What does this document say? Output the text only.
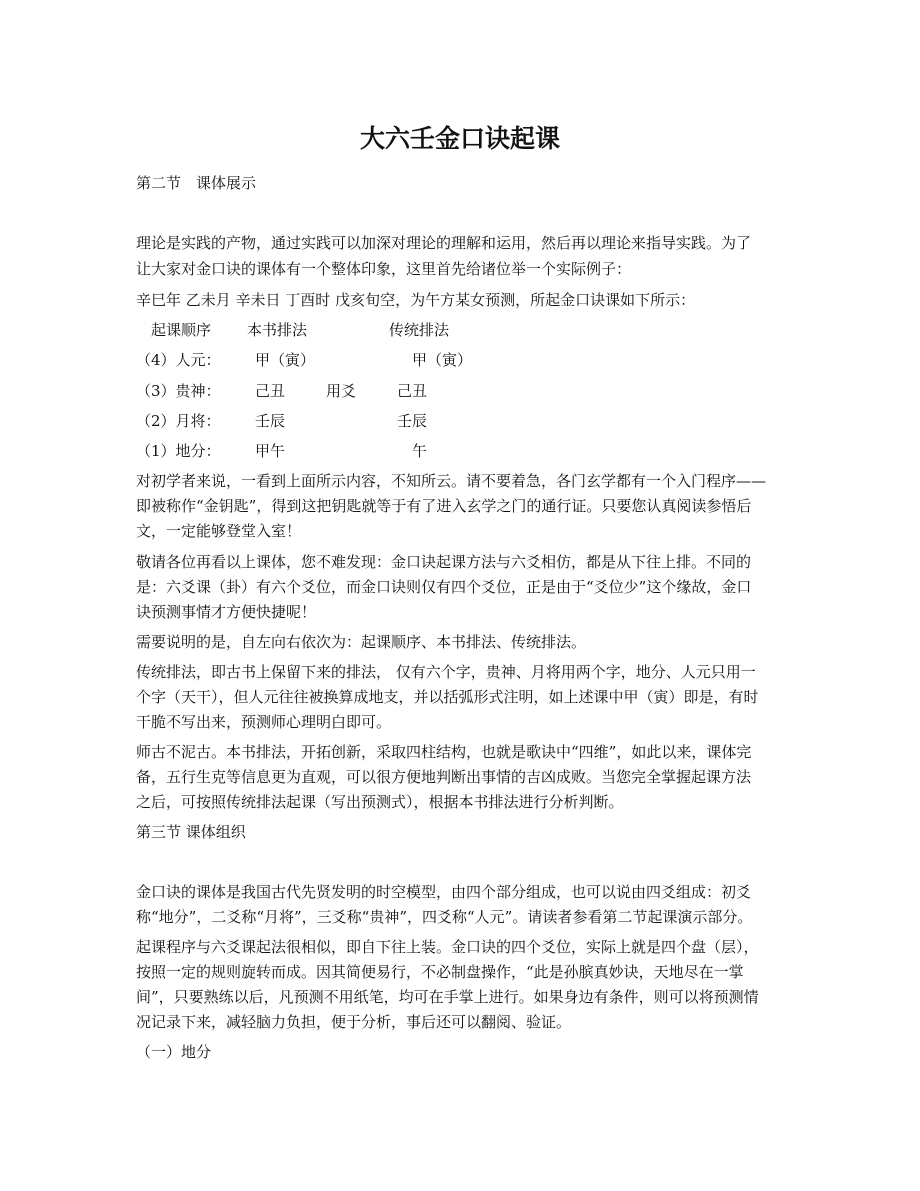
大六壬金口诀起课
第二节　课体展示
理论是实践的产物，通过实践可以加深对理论的理解和运用，然后再以理论来指导实践。为了
让大家对金口诀的课体有一个整体印象，这里首先给诸位举一个实际例子：
辛巳年 乙未月 辛未日 丁酉时 戊亥旬空，为午方某女预测，所起金口诀课如下所示：
起课顺序 本书排法	传统排法
（4）人元： 甲（寅）	甲（寅）
（3）贵神： 己丑	用爻	己丑
（2）月将： 壬辰	壬辰
（1）地分： 甲午	午
对初学者来说，一看到上面所示内容，不知所云。请不要着急，各门玄学都有一个入门程序——
即被称作“金钥匙”，得到这把钥匙就等于有了进入玄学之门的通行证。只要您认真阅读参悟后
文，一定能够登堂入室！
敬请各位再看以上课体，您不难发现：金口诀起课方法与六爻相仿，都是从下往上排。不同的
是：六爻课（卦）有六个爻位，而金口诀则仅有四个爻位，正是由于“爻位少”这个缘故，金口
诀预测事情才方便快捷呢！
需要说明的是，自左向右依次为：起课顺序、本书排法、传统排法。
传统排法，即古书上保留下来的排法， 仅有六个字，贵神、月将用两个字，地分、人元只用一
个字（天干），但人元往往被换算成地支，并以括弧形式注明，如上述课中甲（寅）即是，有时
干脆不写出来，预测师心理明白即可。
师古不泥古。本书排法，开拓创新，采取四柱结构，也就是歌诀中“四维”，如此以来，课体完
备，五行生克等信息更为直观，可以很方便地判断出事情的吉凶成败。当您完全掌握起课方法
之后，可按照传统排法起课（写出预测式），根据本书排法进行分析判断。
第三节 课体组织
金口诀的课体是我国古代先贤发明的时空模型，由四个部分组成，也可以说由四爻组成：初爻
称“地分”，二爻称“月将”，三爻称“贵神”，四爻称“人元”。请读者参看第二节起课演示部分。
起课程序与六爻课起法很相似，即自下往上装。金口诀的四个爻位，实际上就是四个盘（层），
按照一定的规则旋转而成。因其简便易行，不必制盘操作，“此是孙膑真妙诀，天地尽在一掌
间”，只要熟练以后，凡预测不用纸笔，均可在手掌上进行。如果身边有条件，则可以将预测情
况记录下来，减轻脑力负担，便于分析，事后还可以翻阅、验证。
（一）地分
